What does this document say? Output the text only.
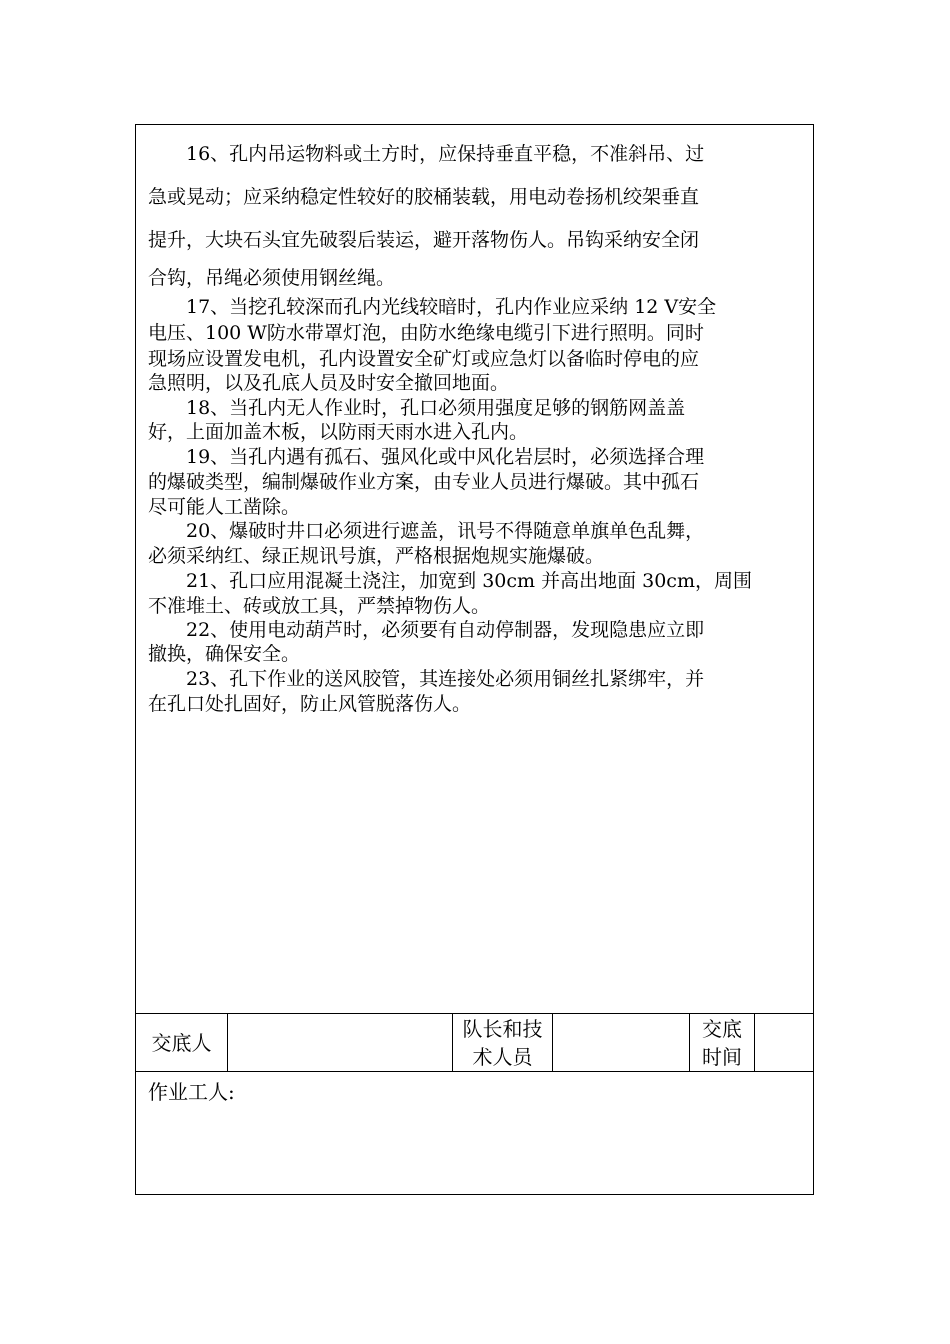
　　16、孔内吊运物料或土方时，应保持垂直平稳，不准斜吊、过
急或晃动；应采纳稳定性较好的胶桶装载，用电动卷扬机绞架垂直
提升，大块石头宜先破裂后装运，避开落物伤人。吊钩采纳安全闭
合钩，吊绳必须使用钢丝绳。
　　17、当挖孔较深而孔内光线较暗时，孔内作业应采纳 12 V安全
电压、100 W防水带罩灯泡，由防水绝缘电缆引下进行照明。同时
现场应设置发电机，孔内设置安全矿灯或应急灯以备临时停电的应
急照明，以及孔底人员及时安全撤回地面。
　　18、当孔内无人作业时，孔口必须用强度足够的钢筋网盖盖
好，上面加盖木板，以防雨天雨水进入孔内。
　　19、当孔内遇有孤石、强风化或中风化岩层时，必须选择合理
的爆破类型，编制爆破作业方案，由专业人员进行爆破。其中孤石
尽可能人工凿除。
　　20、爆破时井口必须进行遮盖，讯号不得随意单旗单色乱舞，
必须采纳红、绿正规讯号旗，严格根据炮规实施爆破。
　　21、孔口应用混凝土浇注，加宽到 30cm 并高出地面 30cm，周围
不准堆土、砖或放工具，严禁掉物伤人。
　　22、使用电动葫芦时，必须要有自动停制器，发现隐患应立即
撤换，确保安全。
　　23、孔下作业的送风胶管，其连接处必须用铜丝扎紧绑牢，并
在孔口处扎固好，防止风管脱落伤人。
交底人
队长和技
术人员
交底
时间
作业工人:
